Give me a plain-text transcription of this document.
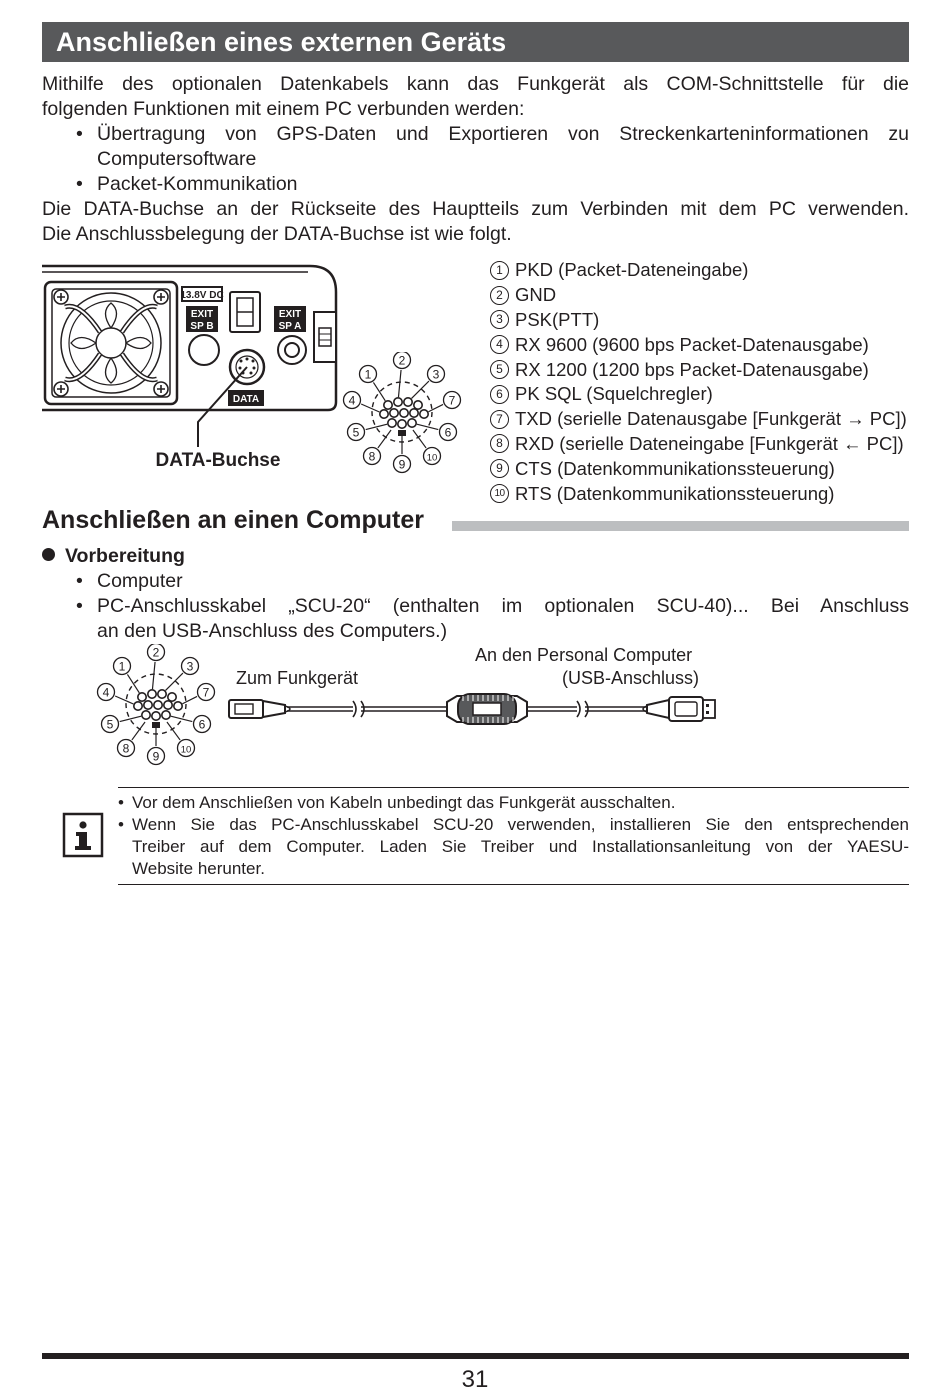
Anschließen eines externen Geräts

Mithilfe des optionalen Datenkabels kann das Funkgerät als COM-Schnittstelle für die

folgenden Funktionen mit einem PC verbunden werden:

• Übertragung von GPS-Daten und Exportieren von Streckenkarteninformationen zu

Computersoftware

• Packet-Kommunikation

Die DATA-Buchse an der Rückseite des Hauptteils zum Verbinden mit dem PC verwenden.

Die Anschlussbelegung der DATA-Buchse ist wie folgt.

13.8V DC
EXIT
SP B
EXIT
SP A
DATA
DATA-Buchse
1
2
3
4	7
5	6
8
9 10
1 PKD (Packet-Dateneingabe)
2 GND
3 PSK(PTT)
4 RX 9600 (9600 bps Packet-Datenausgabe)
5 RX 1200 (1200 bps Packet-Datenausgabe)
6 PK SQL (Squelchregler)
7 TXD (serielle Datenausgabe [Funkgerät → PC])
8 RXD (serielle Dateneingabe [Funkgerät ← PC])
9 CTS (Datenkommunikationssteuerung)
10 RTS (Datenkommunikationssteuerung)
Anschließen an einen Computer
Vorbereitung
• Computer

• PC-Anschlusskabel „SCU-20“ (enthalten im optionalen SCU-40)... Bei Anschluss

an den USB-Anschluss des Computers.)

1
2
3
4	7
5	6
8
9 10
Zum Funkgerät
An den Personal Computer
(USB-Anschluss)
• Vor dem Anschließen von Kabeln unbedingt das Funkgerät ausschalten.
• Wenn Sie das PC-Anschlusskabel SCU-20 verwenden, installieren Sie den entsprechenden
Treiber auf dem Computer. Laden Sie Treiber und Installationsanleitung von der YAESU-
Website herunter.
31
